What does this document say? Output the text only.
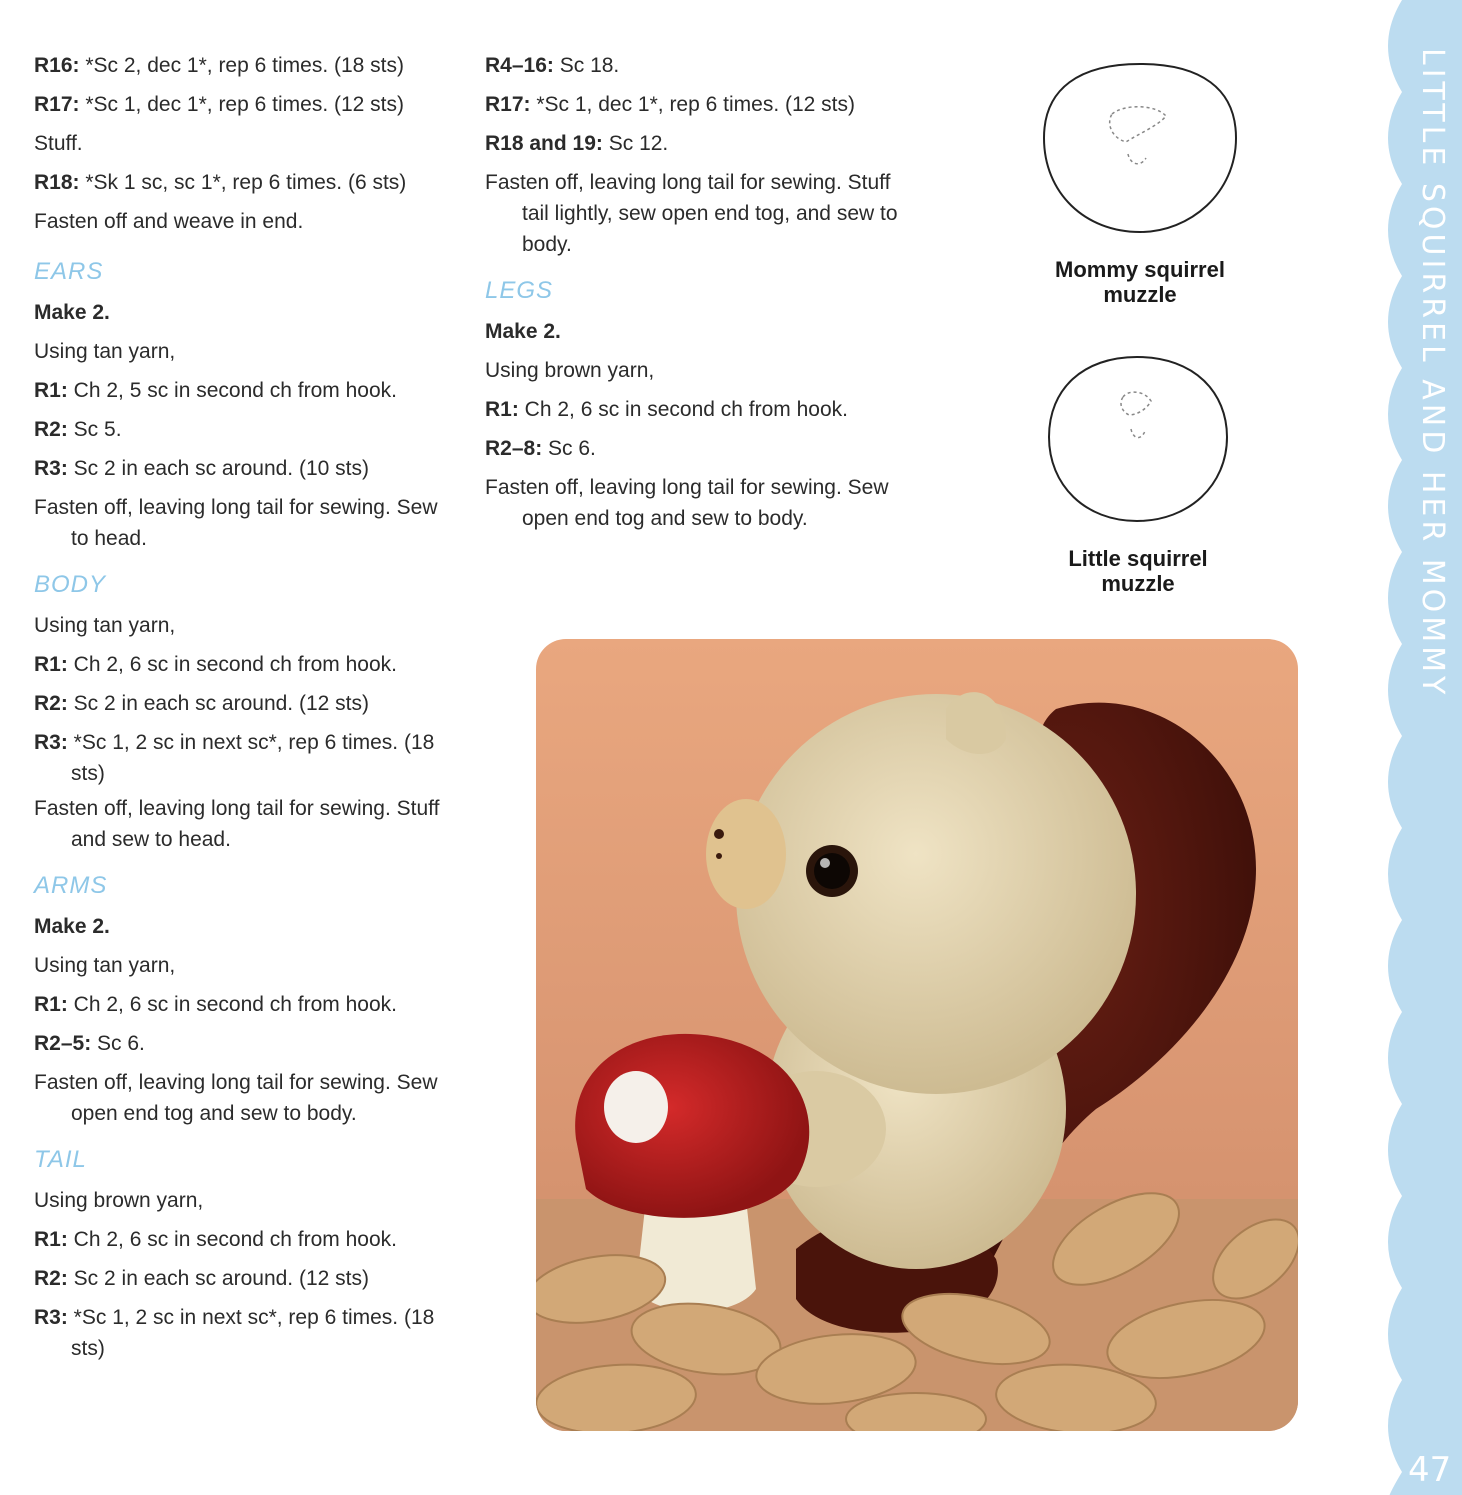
R16: *Sc 2, dec 1*, rep 6 times. (18 sts)
R17: *Sc 1, dec 1*, rep 6 times. (12 sts)
Stuff.
R18: *Sk 1 sc, sc 1*, rep 6 times. (6 sts)
Fasten off and weave in end.
EARS
Make 2.
Using tan yarn,
R1: Ch 2, 5 sc in second ch from hook.
R2: Sc 5.
R3: Sc 2 in each sc around. (10 sts)
Fasten off, leaving long tail for sewing. Sew to head.
BODY
Using tan yarn,
R1: Ch 2, 6 sc in second ch from hook.
R2: Sc 2 in each sc around. (12 sts)
R3: *Sc 1, 2 sc in next sc*, rep 6 times. (18 sts)
Fasten off, leaving long tail for sewing. Stuff and sew to head.
ARMS
Make 2.
Using tan yarn,
R1: Ch 2, 6 sc in second ch from hook.
R2–5: Sc 6.
Fasten off, leaving long tail for sewing. Sew open end tog and sew to body.
TAIL
Using brown yarn,
R1: Ch 2, 6 sc in second ch from hook.
R2: Sc 2 in each sc around. (12 sts)
R3: *Sc 1, 2 sc in next sc*, rep 6 times. (18 sts)
R4–16: Sc 18.
R17: *Sc 1, dec 1*, rep 6 times. (12 sts)
R18 and 19: Sc 12.
Fasten off, leaving long tail for sewing. Stuff tail lightly, sew open end tog, and sew to body.
LEGS
Make 2.
Using brown yarn,
R1: Ch 2, 6 sc in second ch from hook.
R2–8: Sc 6.
Fasten off, leaving long tail for sewing. Sew open end tog and sew to body.
Mommy squirrel
muzzle
Little squirrel
muzzle	LITTLE SQUIRREL AND HER MOMMY
47
